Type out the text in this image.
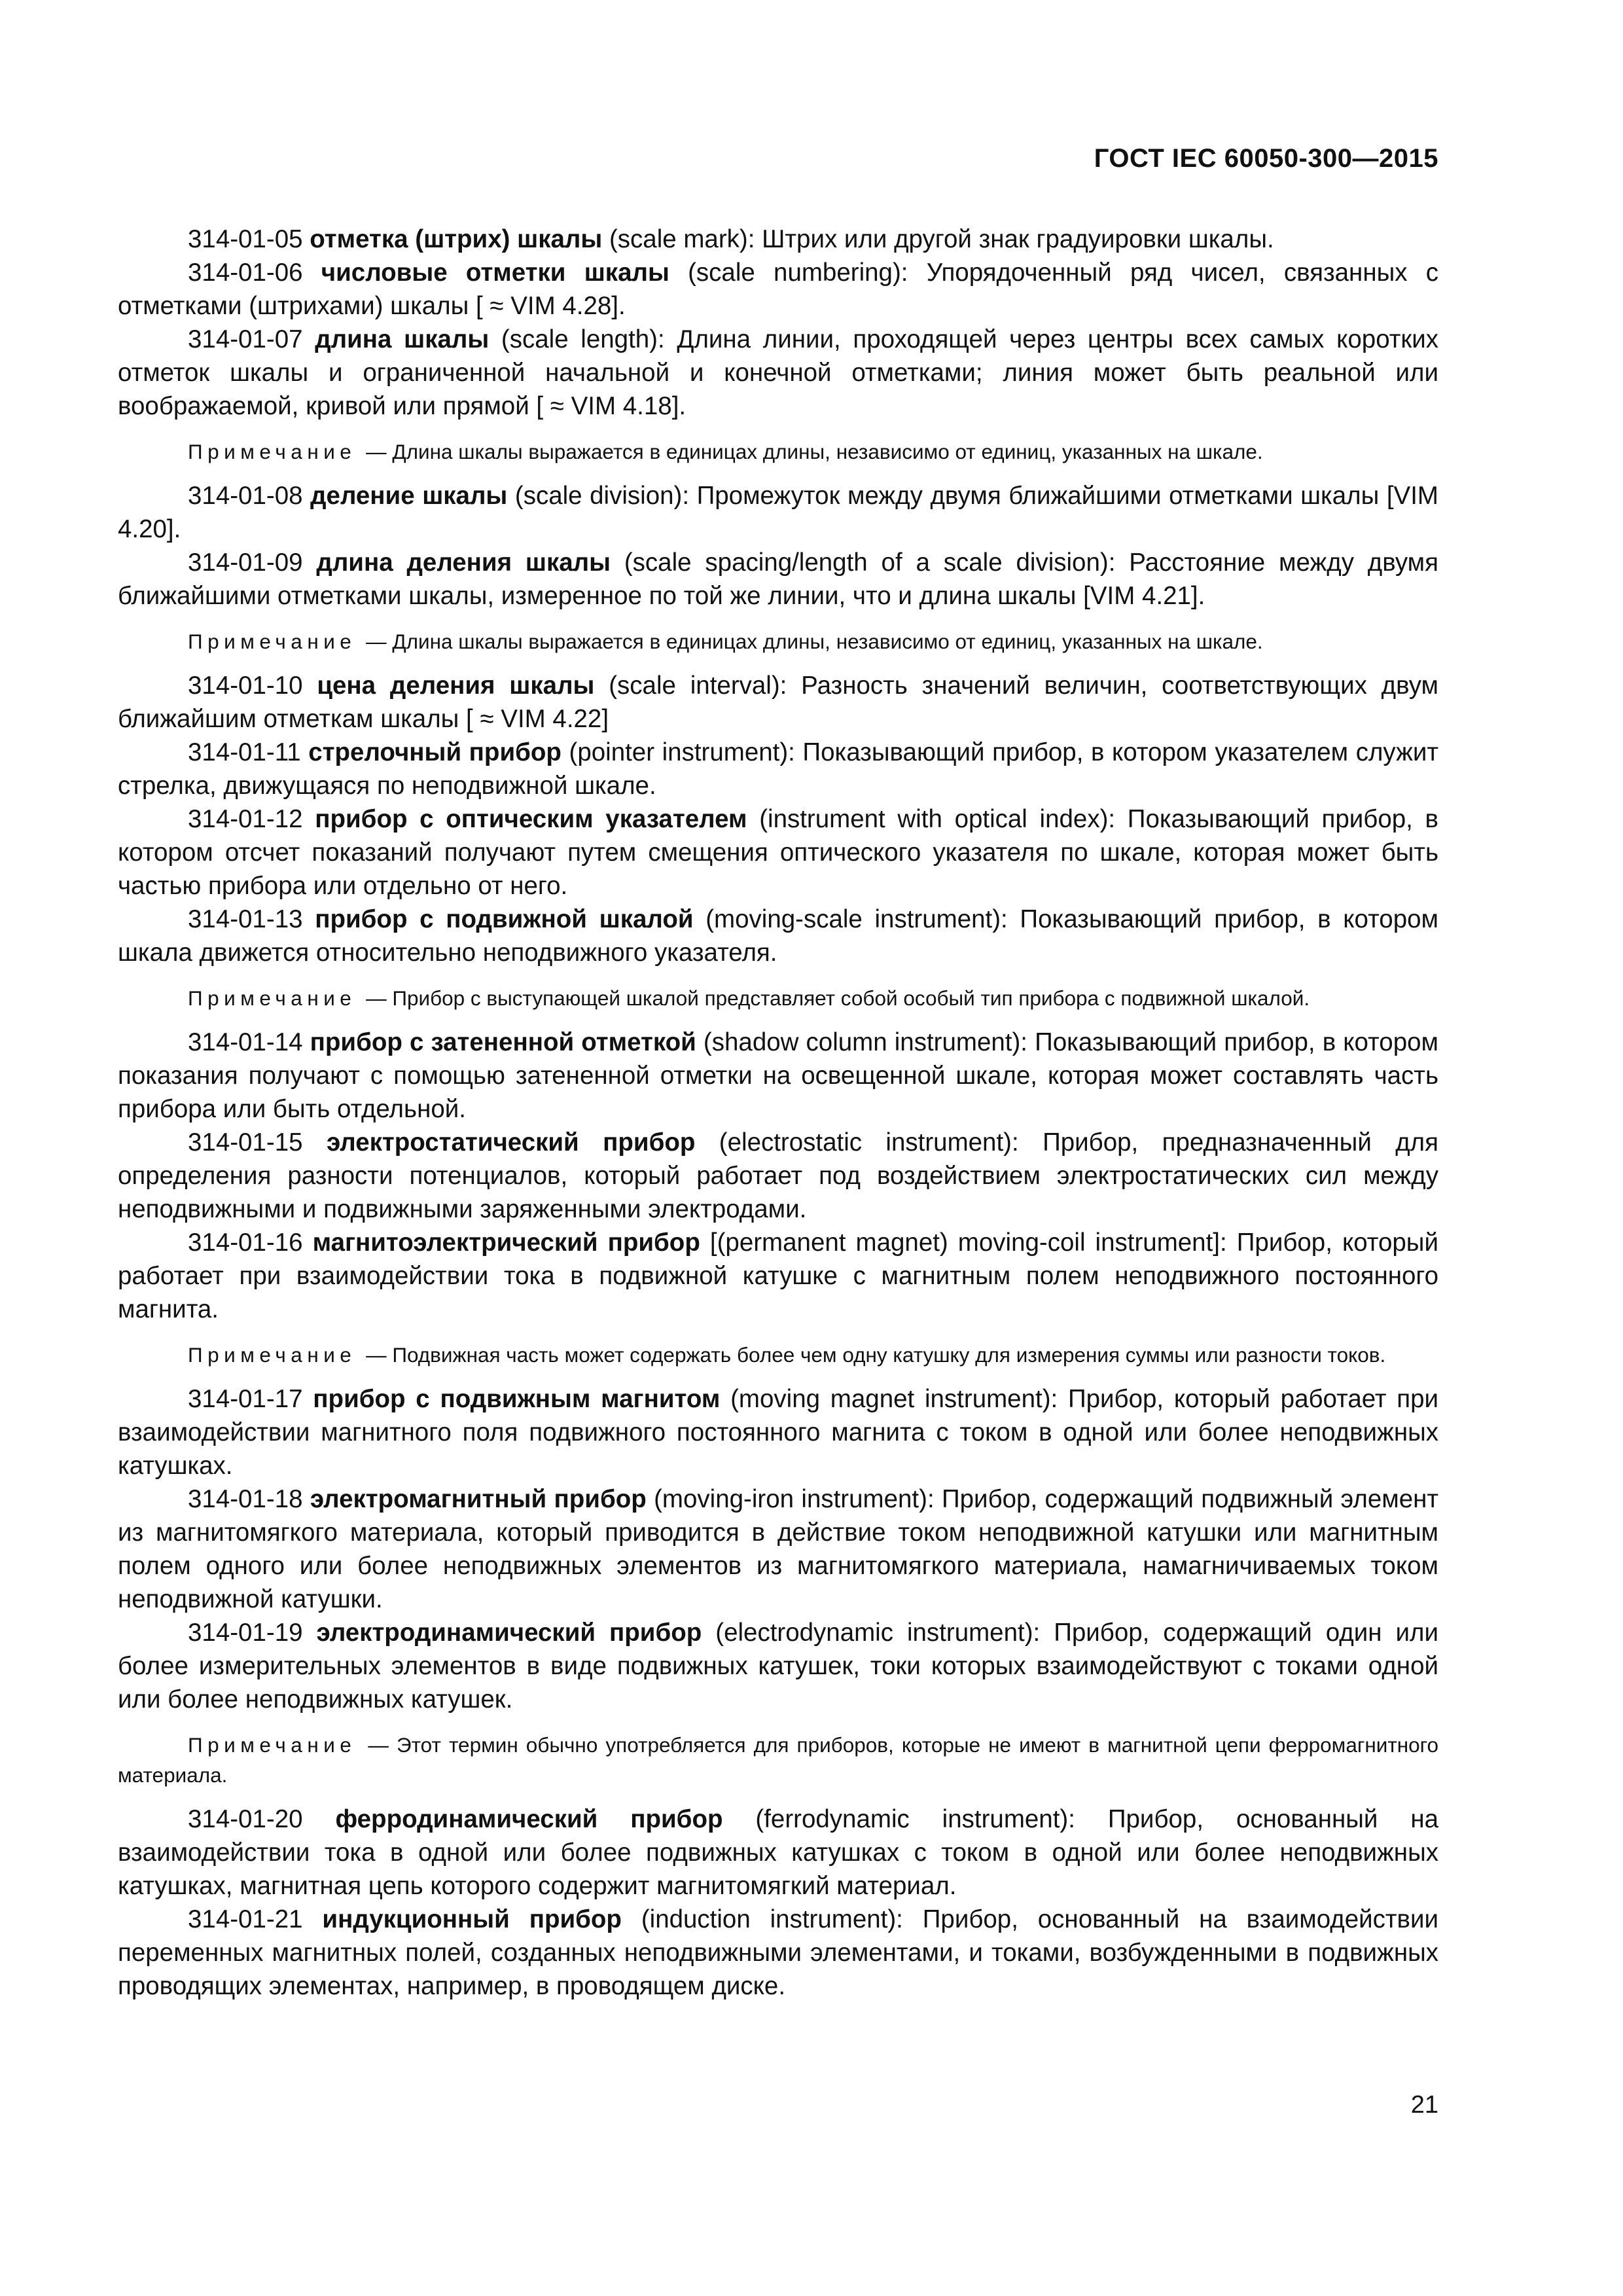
ГОСТ IEC 60050-300—2015

314-01-05 отметка (штрих) шкалы (scale mark): Штрих или другой знак градуировки шкалы.

314-01-06 числовые отметки шкалы (scale numbering): Упорядоченный ряд чисел, связанных с отметками (штрихами) шкалы [ ≈ VIM 4.28].

314-01-07 длина шкалы (scale length): Длина линии, проходящей через центры всех самых коротких отметок шкалы и ограниченной начальной и конечной отметками; линия может быть реальной или воображаемой, кривой или прямой [ ≈ VIM 4.18].

Примечание — Длина шкалы выражается в единицах длины, независимо от единиц, указанных на шкале.

314-01-08 деление шкалы (scale division): Промежуток между двумя ближайшими отметками шкалы [VIM 4.20].

314-01-09 длина деления шкалы (scale spacing/length of a scale division): Расстояние между двумя ближайшими отметками шкалы, измеренное по той же линии, что и длина шкалы [VIM 4.21].

Примечание — Длина шкалы выражается в единицах длины, независимо от единиц, указанных на шкале.

314-01-10 цена деления шкалы (scale interval): Разность значений величин, соответствующих двум ближайшим отметкам шкалы [ ≈ VIM 4.22]

314-01-11 стрелочный прибор (pointer instrument): Показывающий прибор, в котором указателем служит стрелка, движущаяся по неподвижной шкале.

314-01-12 прибор с оптическим указателем (instrument with optical index): Показывающий прибор, в котором отсчет показаний получают путем смещения оптического указателя по шкале, которая может быть частью прибора или отдельно от него.

314-01-13 прибор с подвижной шкалой (moving-scale instrument): Показывающий прибор, в котором шкала движется относительно неподвижного указателя.

Примечание — Прибор с выступающей шкалой представляет собой особый тип прибора с подвижной шкалой.

314-01-14 прибор с затененной отметкой (shadow column instrument): Показывающий прибор, в котором показания получают с помощью затененной отметки на освещенной шкале, которая может составлять часть прибора или быть отдельной.

314-01-15 электростатический прибор (electrostatic instrument): Прибор, предназначенный для определения разности потенциалов, который работает под воздействием электростатических сил между неподвижными и подвижными заряженными электродами.

314-01-16 магнитоэлектрический прибор [(permanent magnet) moving-coil instrument]: Прибор, который работает при взаимодействии тока в подвижной катушке с магнитным полем неподвижного постоянного магнита.

Примечание — Подвижная часть может содержать более чем одну катушку для измерения суммы или разности токов.

314-01-17 прибор с подвижным магнитом (moving magnet instrument): Прибор, который работает при взаимодействии магнитного поля подвижного постоянного магнита с током в одной или более неподвижных катушках.

314-01-18 электромагнитный прибор (moving-iron instrument): Прибор, содержащий подвижный элемент из магнитомягкого материала, который приводится в действие током неподвижной катушки или магнитным полем одного или более неподвижных элементов из магнитомягкого материала, намагничиваемых током неподвижной катушки.

314-01-19 электродинамический прибор (electrodynamic instrument): Прибор, содержащий один или более измерительных элементов в виде подвижных катушек, токи которых взаимодействуют с токами одной или более неподвижных катушек.

Примечание — Этот термин обычно употребляется для приборов, которые не имеют в магнитной цепи ферромагнитного материала.

314-01-20 ферродинамический прибор (ferrodynamic instrument): Прибор, основанный на взаимодействии тока в одной или более подвижных катушках с током в одной или более неподвижных катушках, магнитная цепь которого содержит магнитомягкий материал.

314-01-21 индукционный прибор (induction instrument): Прибор, основанный на взаимодействии переменных магнитных полей, созданных неподвижными элементами, и токами, возбужденными в подвижных проводящих элементах, например, в проводящем диске.

21
